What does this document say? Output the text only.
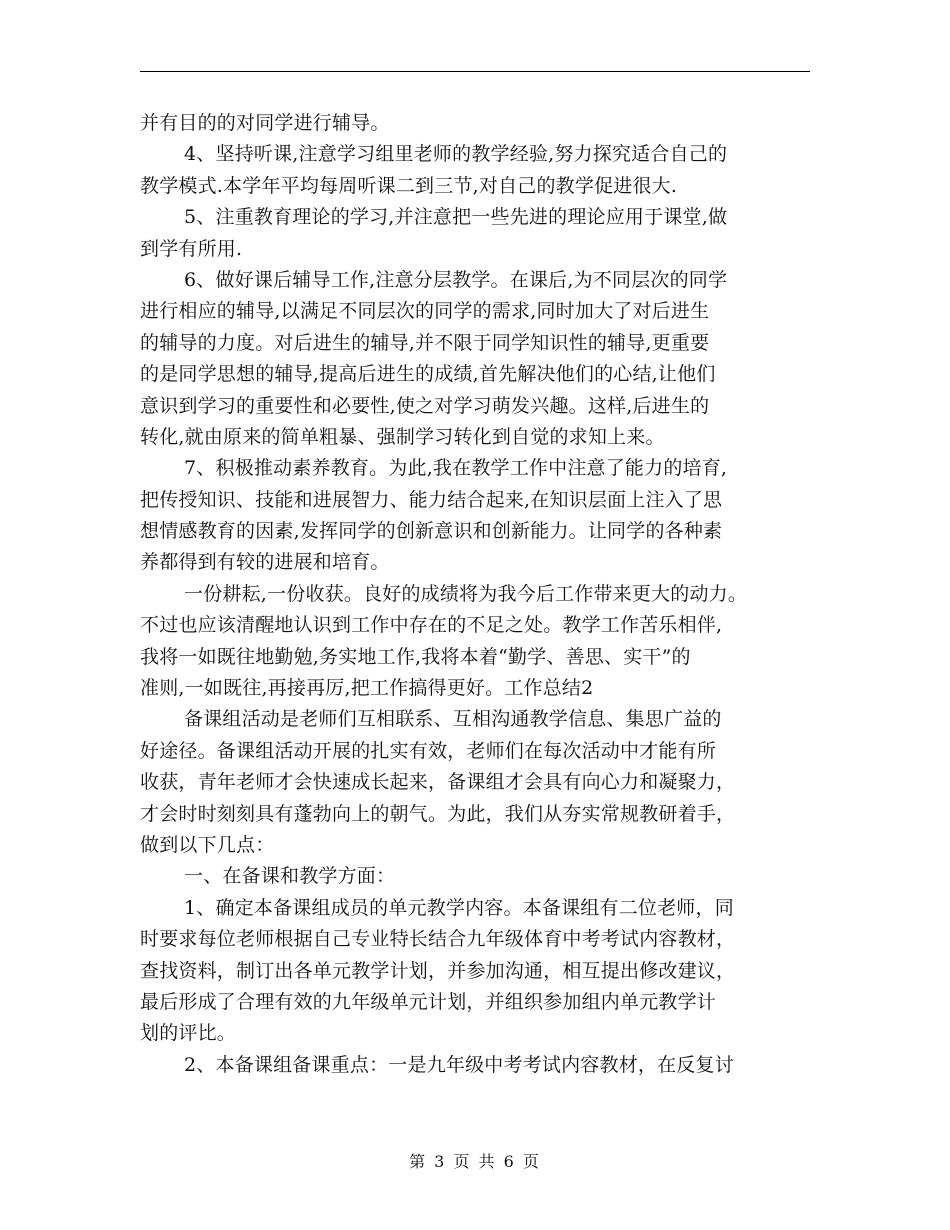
并有目的的对同学进行辅导。
4、坚持听课,注意学习组里老师的教学经验,努力探究适合自己的
教学模式.本学年平均每周听课二到三节,对自己的教学促进很大.
5、注重教育理论的学习,并注意把一些先进的理论应用于课堂,做
到学有所用.
6、做好课后辅导工作,注意分层教学。在课后,为不同层次的同学
进行相应的辅导,以满足不同层次的同学的需求,同时加大了对后进生
的辅导的力度。对后进生的辅导,并不限于同学知识性的辅导,更重要
的是同学思想的辅导,提高后进生的成绩,首先解决他们的心结,让他们
意识到学习的重要性和必要性,使之对学习萌发兴趣。这样,后进生的
转化,就由原来的简单粗暴、强制学习转化到自觉的求知上来。
7、积极推动素养教育。为此,我在教学工作中注意了能力的培育,
把传授知识、技能和进展智力、能力结合起来,在知识层面上注入了思
想情感教育的因素,发挥同学的创新意识和创新能力。让同学的各种素
养都得到有较的进展和培育。
一份耕耘,一份收获。良好的成绩将为我今后工作带来更大的动力。
不过也应该清醒地认识到工作中存在的不足之处。教学工作苦乐相伴,
我将一如既往地勤勉,务实地工作,我将本着“勤学、善思、实干”的
准则,一如既往,再接再厉,把工作搞得更好。工作总结2
备课组活动是老师们互相联系、互相沟通教学信息、集思广益的
好途径。备课组活动开展的扎实有效，老师们在每次活动中才能有所
收获，青年老师才会快速成长起来，备课组才会具有向心力和凝聚力，
才会时时刻刻具有蓬勃向上的朝气。为此，我们从夯实常规教研着手，
做到以下几点：
一、在备课和教学方面：
1、确定本备课组成员的单元教学内容。本备课组有二位老师，同
时要求每位老师根据自己专业特长结合九年级体育中考考试内容教材，
查找资料，制订出各单元教学计划，并参加沟通，相互提出修改建议，
最后形成了合理有效的九年级单元计划，并组织参加组内单元教学计
划的评比。
2、本备课组备课重点：一是九年级中考考试内容教材，在反复讨
第 3 页 共 6 页
